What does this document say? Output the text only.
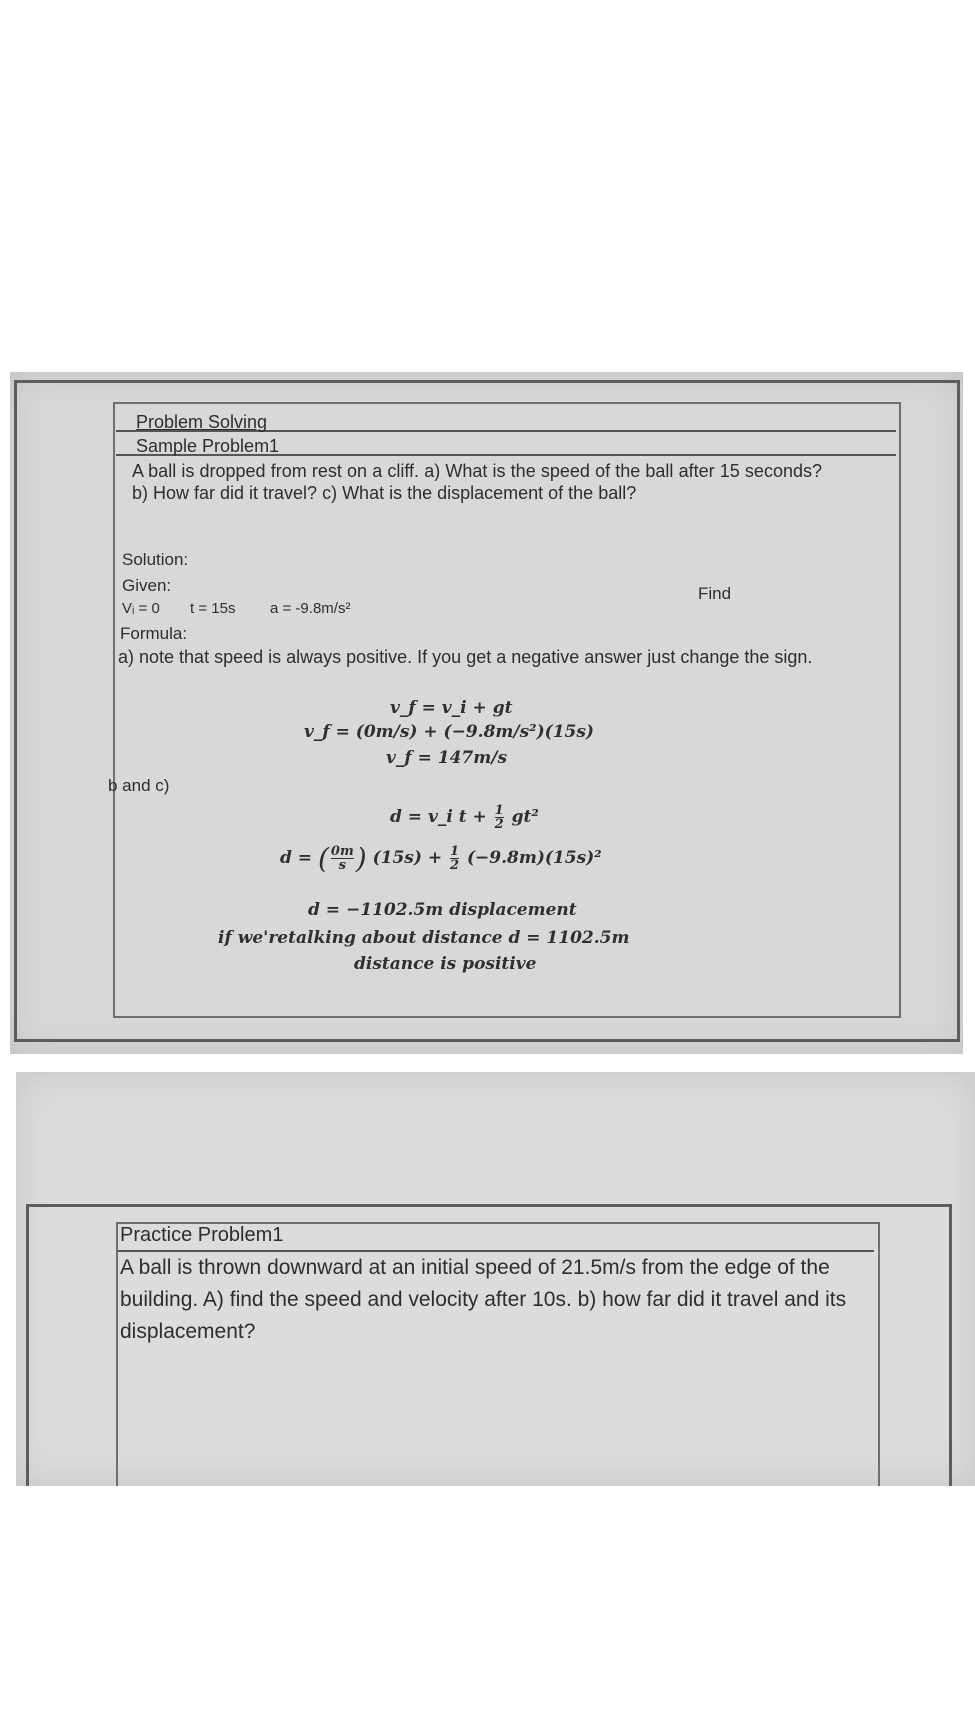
Problem Solving
Sample Problem1
A ball is dropped from rest on a cliff. a) What is the speed of the ball after 15 seconds? b) How far did it travel? c) What is the displacement of the ball?
Solution:
Given:
Vᵢ = 0 t = 15s a = -9.8m/s²
Find
Formula:
a) note that speed is always positive. If you get a negative answer just change the sign.
v_f = v_i + gt
v_f = (0m/s) + (−9.8m/s²)(15s)
v_f = 147m/s
b and c)
d = v_i $t + \frac{1}{2} gt^2$
d = ( $\frac{0m}{s}$ ) $(15s) + \frac{1}{2} (-9.8m)(15s)^2$
d = −1102.5m displacement
if we'retalking about distance d = 1102.5m
distance is positive
Practice Problem1
A ball is thrown downward at an initial speed of 21.5m/s from the edge of the building. A) find the speed and velocity after 10s. b) how far did it travel and its displacement?
